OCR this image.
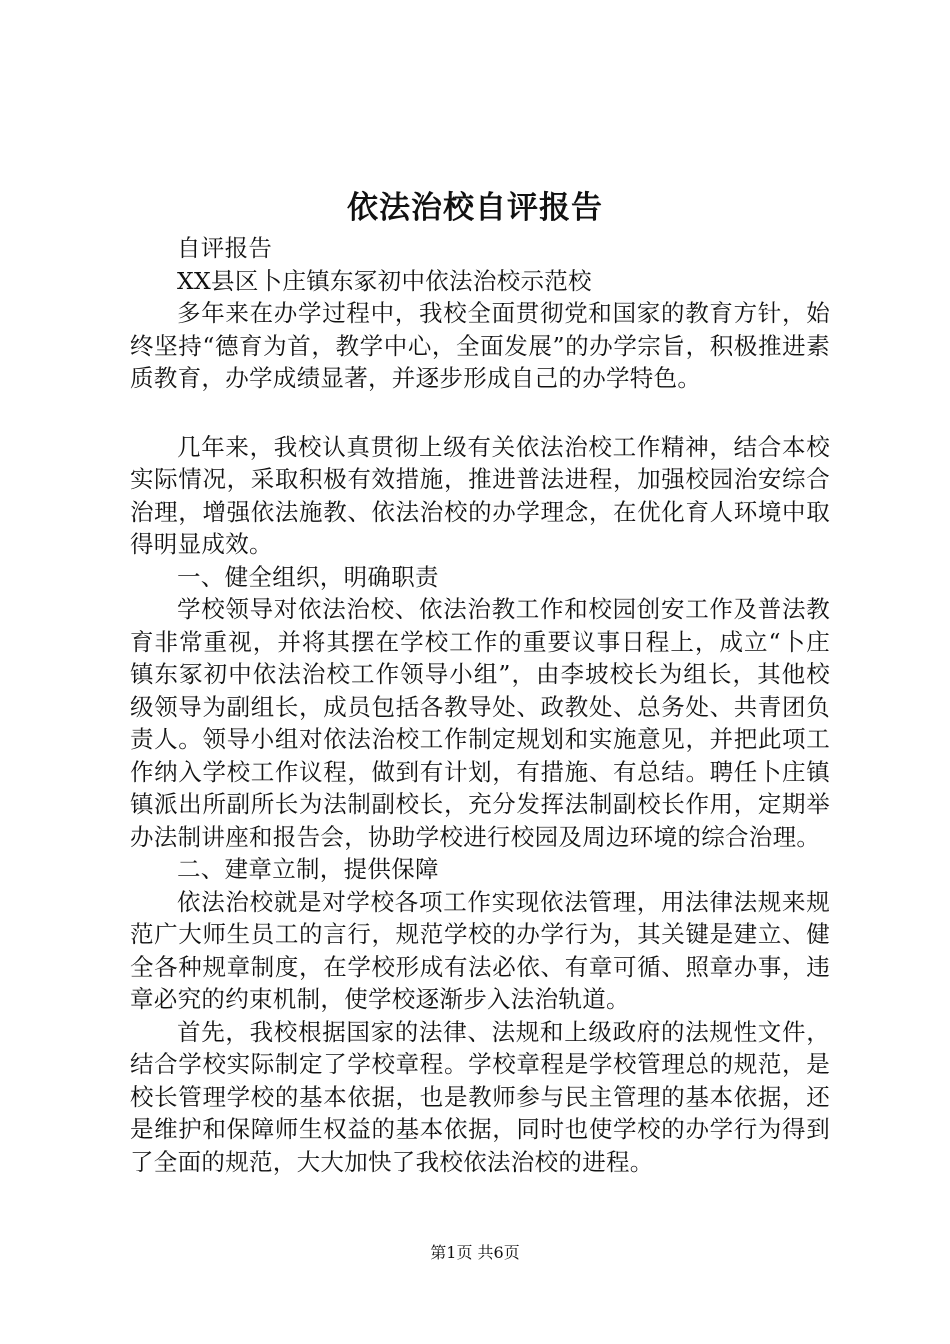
依法治校自评报告

自评报告

XX县区卜庄镇东冢初中依法治校示范校

多年来在办学过程中，我校全面贯彻党和国家的教育方针，始终坚持“德育为首，教学中心，全面发展”的办学宗旨，积极推进素质教育，办学成绩显著，并逐步形成自己的办学特色。

几年来，我校认真贯彻上级有关依法治校工作精神，结合本校实际情况，采取积极有效措施，推进普法进程，加强校园治安综合治理，增强依法施教、依法治校的办学理念，在优化育人环境中取得明显成效。

一、健全组织，明确职责

学校领导对依法治校、依法治教工作和校园创安工作及普法教育非常重视，并将其摆在学校工作的重要议事日程上，成立“卜庄镇东冢初中依法治校工作领导小组”，由李坡校长为组长，其他校级领导为副组长，成员包括各教导处、政教处、总务处、共青团负责人。领导小组对依法治校工作制定规划和实施意见，并把此项工作纳入学校工作议程，做到有计划，有措施、有总结。聘任卜庄镇镇派出所副所长为法制副校长，充分发挥法制副校长作用，定期举办法制讲座和报告会，协助学校进行校园及周边环境的综合治理。

二、建章立制，提供保障

依法治校就是对学校各项工作实现依法管理，用法律法规来规范广大师生员工的言行，规范学校的办学行为，其关键是建立、健全各种规章制度，在学校形成有法必依、有章可循、照章办事，违章必究的约束机制，使学校逐渐步入法治轨道。

首先，我校根据国家的法律、法规和上级政府的法规性文件，结合学校实际制定了学校章程。学校章程是学校管理总的规范，是校长管理学校的基本依据，也是教师参与民主管理的基本依据，还是维护和保障师生权益的基本依据，同时也使学校的办学行为得到了全面的规范，大大加快了我校依法治校的进程。

第1页 共6页
